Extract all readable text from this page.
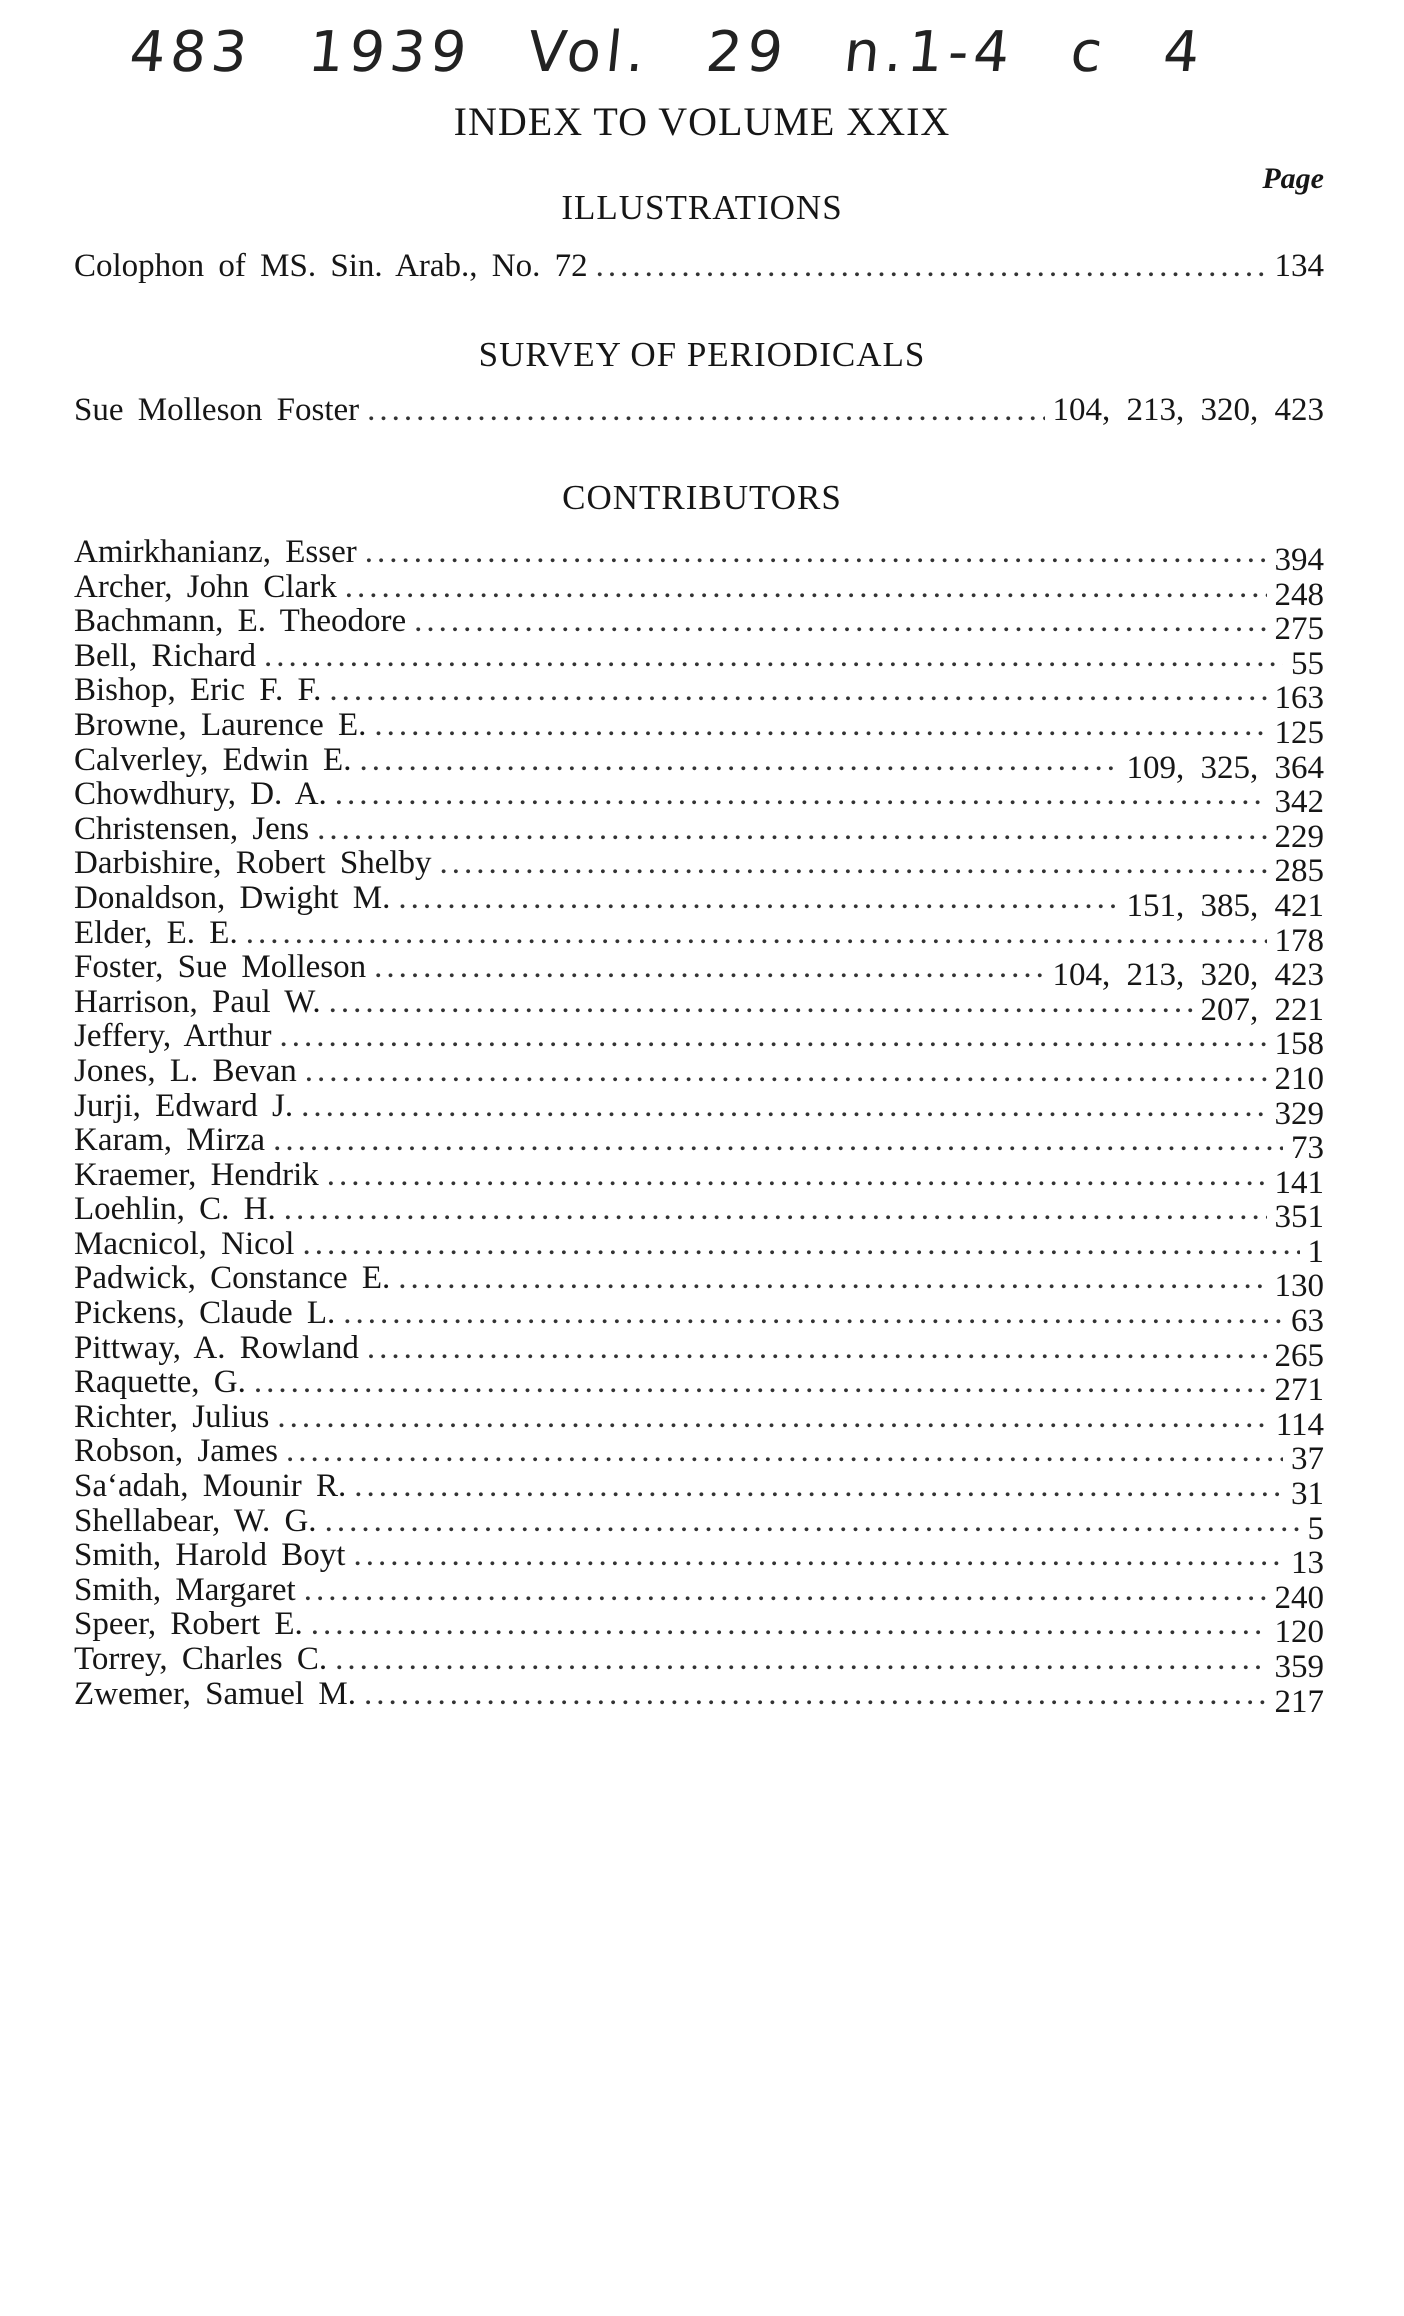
483 1939 Vol. 29 n.1-4 c 4
INDEX TO VOLUME XXIX
Page
ILLUSTRATIONS
Colophon of MS. Sin. Arab., No. 72 .....	134
SURVEY OF PERIODICALS
Sue Molleson Foster .....	104, 213, 320, 423
CONTRIBUTORS
Amirkhanianz, Esser .....	394
Archer, John Clark .....	248
Bachmann, E. Theodore .....	275
Bell, Richard .....	55
Bishop, Eric F. F. .....	163
Browne, Laurence E. .....	125
Calverley, Edwin E. .....	109, 325, 364
Chowdhury, D. A. .....	342
Christensen, Jens .....	229
Darbishire, Robert Shelby .....	285
Donaldson, Dwight M. .....	151, 385, 421
Elder, E. E. .....	178
Foster, Sue Molleson .....	104, 213, 320, 423
Harrison, Paul W. .....	207, 221
Jeffery, Arthur .....	158
Jones, L. Bevan .....	210
Jurji, Edward J. .....	329
Karam, Mirza .....	73
Kraemer, Hendrik .....	141
Loehlin, C. H. .....	351
Macnicol, Nicol .....	1
Padwick, Constance E. .....	130
Pickens, Claude L. .....	63
Pittway, A. Rowland .....	265
Raquette, G. .....	271
Richter, Julius .....	114
Robson, James .....	37
Sa‘adah, Mounir R. .....	31
Shellabear, W. G. .....	5
Smith, Harold Boyt .....	13
Smith, Margaret .....	240
Speer, Robert E. .....	120
Torrey, Charles C. .....	359
Zwemer, Samuel M. .....	217
